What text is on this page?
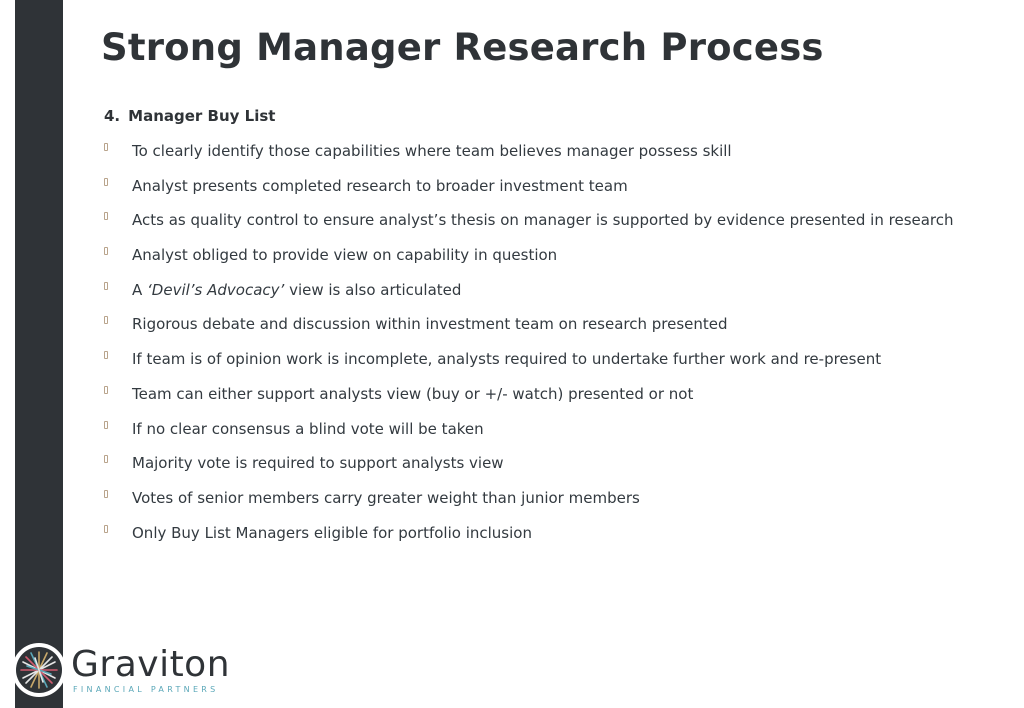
Strong Manager Research Process
4. Manager Buy List
To clearly identify those capabilities where team believes manager possess skill
Analyst presents completed research to broader investment team
Acts as quality control to ensure analyst’s thesis on manager is supported by evidence presented in research
Analyst obliged to provide view on capability in question
A ‘Devil’s Advocacy’ view is also articulated
Rigorous debate and discussion within investment team on research presented
If team is of opinion work is incomplete, analysts required to undertake further work and re-present
Team can either support analysts view (buy or +/- watch) presented or not
If no clear consensus a blind vote will be taken
Majority vote is required to support analysts view
Votes of senior members carry greater weight than junior members
Only Buy List Managers eligible for portfolio inclusion
Graviton
FINANCIAL PARTNERS
